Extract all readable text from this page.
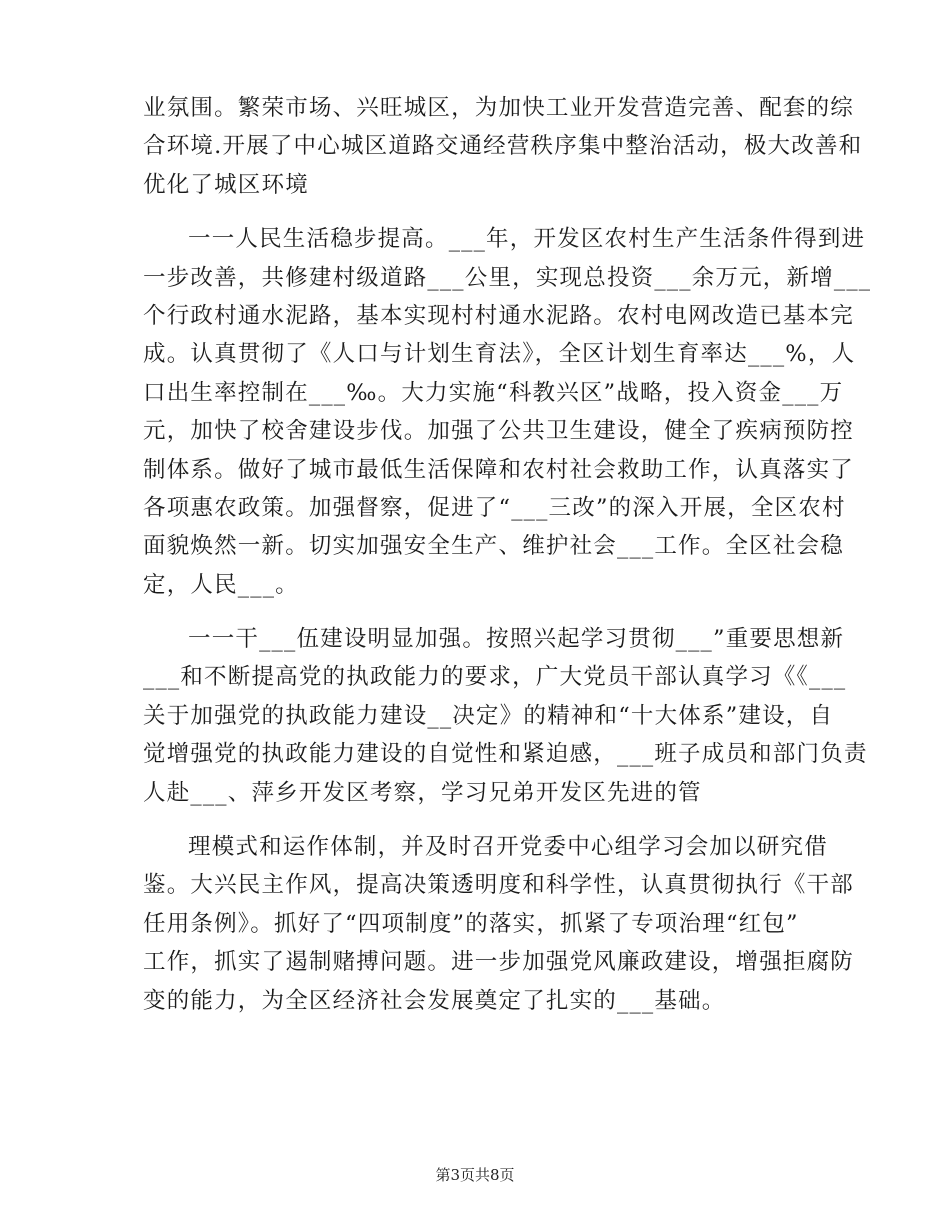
业氛围。繁荣市场、兴旺城区，为加快工业开发营造完善、配套的综
合环境.开展了中心城区道路交通经营秩序集中整治活动，极大改善和
优化了城区环境
一一人民生活稳步提高。___年，开发区农村生产生活条件得到进
一步改善，共修建村级道路___公里，实现总投资___余万元，新增___
个行政村通水泥路，基本实现村村通水泥路。农村电网改造已基本完
成。认真贯彻了《人口与计划生育法》，全区计划生育率达___%，人
口出生率控制在___‰。大力实施“科教兴区”战略，投入资金___万
元，加快了校舍建设步伐。加强了公共卫生建设，健全了疾病预防控
制体系。做好了城市最低生活保障和农村社会救助工作，认真落实了
各项惠农政策。加强督察，促进了“___三改”的深入开展，全区农村
面貌焕然一新。切实加强安全生产、维护社会___工作。全区社会稳
定，人民___。
一一干___伍建设明显加强。按照兴起学习贯彻___”重要思想新
___和不断提高党的执政能力的要求，广大党员干部认真学习《《___
关于加强党的执政能力建设__决定》的精神和“十大体系”建设，自
觉增强党的执政能力建设的自觉性和紧迫感，___班子成员和部门负责
人赴___、萍乡开发区考察，学习兄弟开发区先进的管
理模式和运作体制，并及时召开党委中心组学习会加以研究借
鉴。大兴民主作风，提高决策透明度和科学性，认真贯彻执行《干部
任用条例》。抓好了“四项制度”的落实，抓紧了专项治理“红包”
工作，抓实了遏制赌搏问题。进一步加强党风廉政建设，增强拒腐防
变的能力，为全区经济社会发展奠定了扎实的___基础。
第3页共8页
